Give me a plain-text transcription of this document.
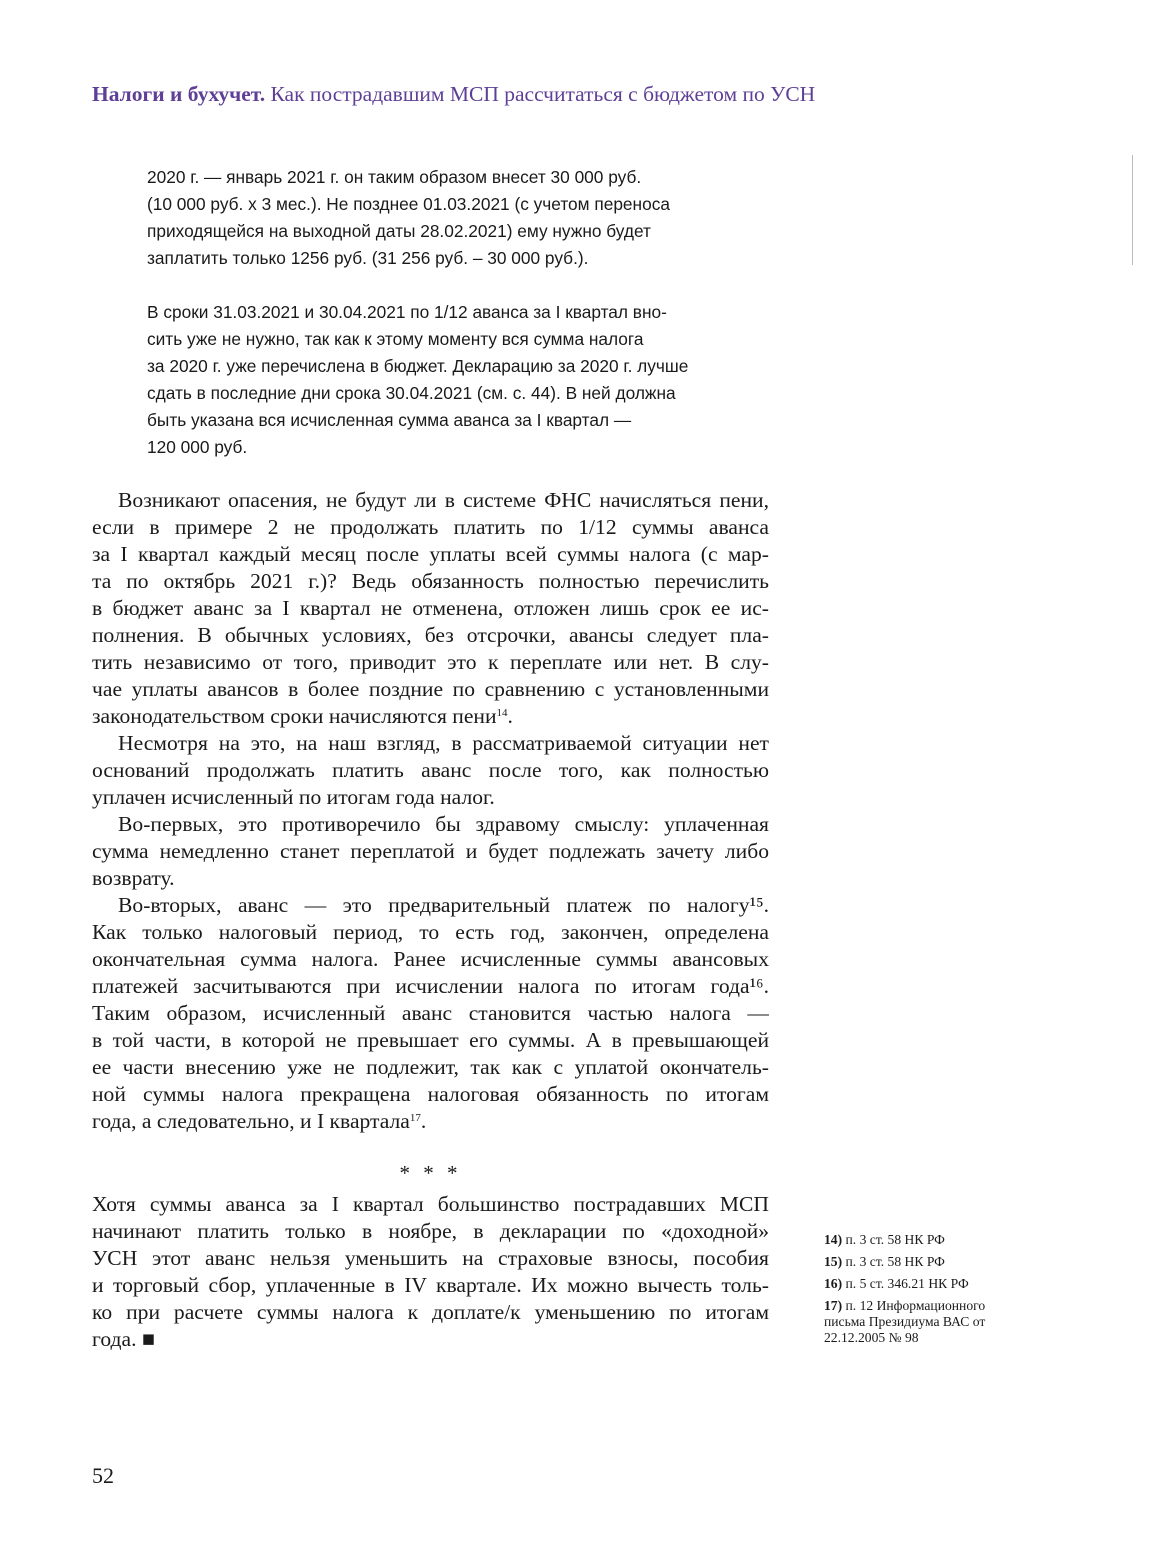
Налоги и бухучет. Как пострадавшим МСП рассчитаться с бюджетом по УСН
2020 г. — январь 2021 г. он таким образом внесет 30 000 руб.
(10 000 руб. х 3 мес.). Не позднее 01.03.2021 (с учетом переноса
приходящейся на выходной даты 28.02.2021) ему нужно будет
заплатить только 1256 руб. (31 256 руб. – 30 000 руб.).
В сроки 31.03.2021 и 30.04.2021 по 1/12 аванса за I квартал вно-
сить уже не нужно, так как к этому моменту вся сумма налога
за 2020 г. уже перечислена в бюджет. Декларацию за 2020 г. лучше
сдать в последние дни срока 30.04.2021 (см. с. 44). В ней должна
быть указана вся исчисленная сумма аванса за I квартал —
120 000 руб.
Возникают опасения, не будут ли в системе ФНС начисляться пени,
если в примере 2 не продолжать платить по 1/12 суммы аванса
за I квартал каждый месяц после уплаты всей суммы налога (с мар-
та по октябрь 2021 г.)? Ведь обязанность полностью перечислить
в бюджет аванс за I квартал не отменена, отложен лишь срок ее ис-
полнения. В обычных условиях, без отсрочки, авансы следует пла-
тить независимо от того, приводит это к переплате или нет. В слу-
чае уплаты авансов в более поздние по сравнению с установленными
законодательством сроки начисляются пени$^{14}$.
Несмотря на это, на наш взгляд, в рассматриваемой ситуации нет
оснований продолжать платить аванс после того, как полностью
уплачен исчисленный по итогам года налог.
Во-первых, это противоречило бы здравому смыслу: уплаченная
сумма немедленно станет переплатой и будет подлежать зачету либо
возврату.
Во-вторых, аванс — это предварительный платеж по налогу¹⁵.
Как только налоговый период, то есть год, закончен, определена
окончательная сумма налога. Ранее исчисленные суммы авансовых
платежей засчитываются при исчислении налога по итогам года¹⁶.
Таким образом, исчисленный аванс становится частью налога —
в той части, в которой не превышает его суммы. А в превышающей
ее части внесению уже не подлежит, так как с уплатой окончатель-
ной суммы налога прекращена налоговая обязанность по итогам
года, а следовательно, и I квартала$^{17}$.
* * *
Хотя суммы аванса за I квартал большинство пострадавших МСП
начинают платить только в ноябре, в декларации по «доходной»
УСН этот аванс нельзя уменьшить на страховые взносы, пособия
и торговый сбор, уплаченные в IV квартале. Их можно вычесть толь-
ко при расчете суммы налога к доплате/к уменьшению по итогам
года. ■
14) п. 3 ст. 58 НК РФ
15) п. 3 ст. 58 НК РФ
16) п. 5 ст. 346.21 НК РФ
17) п. 12 Информационного письма Президиума ВАС от 22.12.2005 № 98
52
